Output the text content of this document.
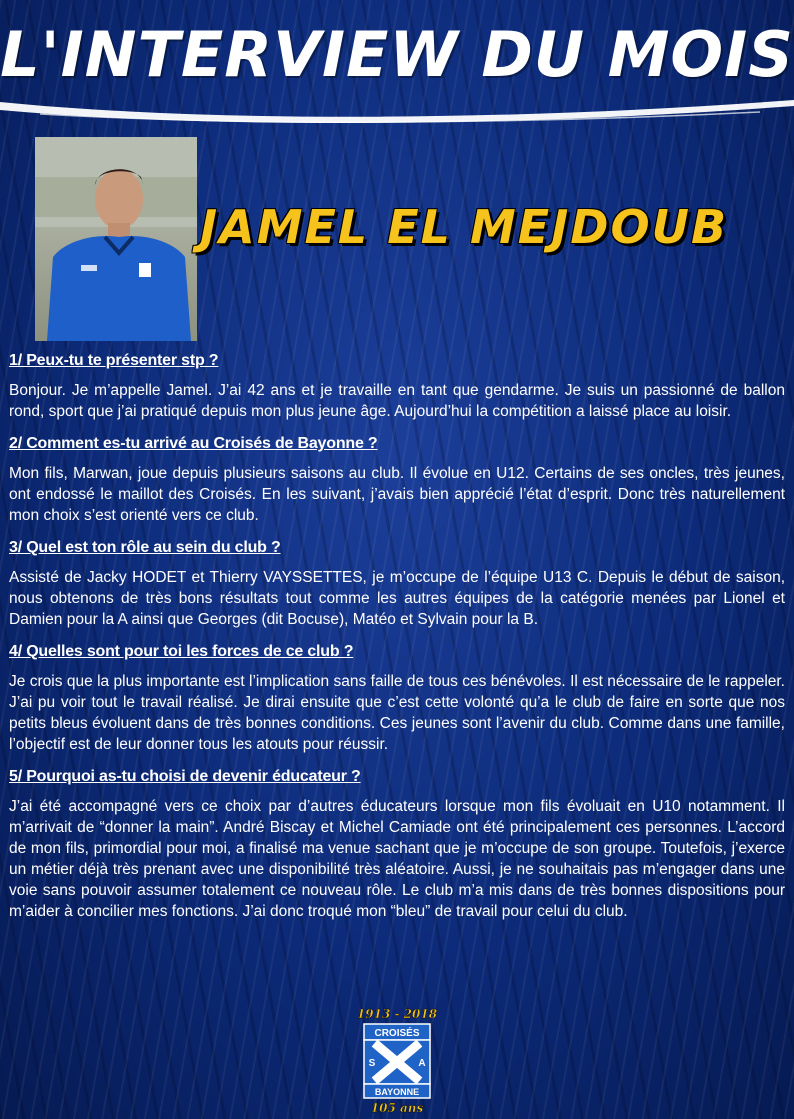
L'INTERVIEW DU MOIS
JAMEL EL MEJDOUB

1/ Peux-tu te présenter stp ?

Bonjour. Je m’appelle Jamel. J’ai 42 ans et je travaille en tant que gendarme. Je suis un passionné de ballon rond, sport que j’ai pratiqué depuis mon plus jeune âge. Aujourd’hui la compétition a laissé place au loisir.

2/ Comment es-tu arrivé au Croisés de Bayonne ?

Mon fils, Marwan, joue depuis plusieurs saisons au club. Il évolue en U12. Certains de ses oncles, très jeunes, ont endossé le maillot des Croisés. En les suivant, j’avais bien apprécié l’état d’esprit. Donc très naturellement mon choix s’est orienté vers ce club.

3/ Quel est ton rôle au sein du club ?

Assisté de Jacky HODET et Thierry VAYSSETTES, je m’occupe de l’équipe U13 C. Depuis le début de saison, nous obtenons de très bons résultats tout comme les autres équipes de la catégorie menées par Lionel et Damien pour la A ainsi que Georges (dit Bocuse), Matéo et Sylvain pour la B.

4/ Quelles sont pour toi les forces de ce club ?

Je crois que la plus importante est l’implication sans faille de tous ces bénévoles. Il est nécessaire de le rappeler. J’ai pu voir tout le travail réalisé. Je dirai ensuite que c’est cette volonté qu’a le club de faire en sorte que nos petits bleus évoluent dans de très bonnes conditions. Ces jeunes sont l’avenir du club. Comme dans une famille, l’objectif est de leur donner tous les atouts pour réussir.

5/ Pourquoi as-tu choisi de devenir éducateur ?

J’ai été accompagné vers ce choix par d’autres éducateurs lorsque mon fils évoluait en U10 notamment. Il m’arrivait de “donner la main”. André Biscay et Michel Camiade ont été principalement ces personnes. L’accord de mon fils, primordial pour moi, a finalisé ma venue sachant que je m’occupe de son groupe. Toutefois, j’exerce un métier déjà très prenant avec une disponibilité très aléatoire. Aussi, je ne souhaitais pas m’engager dans une voie sans pouvoir assumer totalement ce nouveau rôle. Le club m’a mis dans de très bonnes dispositions pour m’aider à concilier mes fonctions. J’ai donc troqué mon “bleu” de travail pour celui du club.

1913 - 2018
CROISÉS
S	A
BAYONNE
105 ans
